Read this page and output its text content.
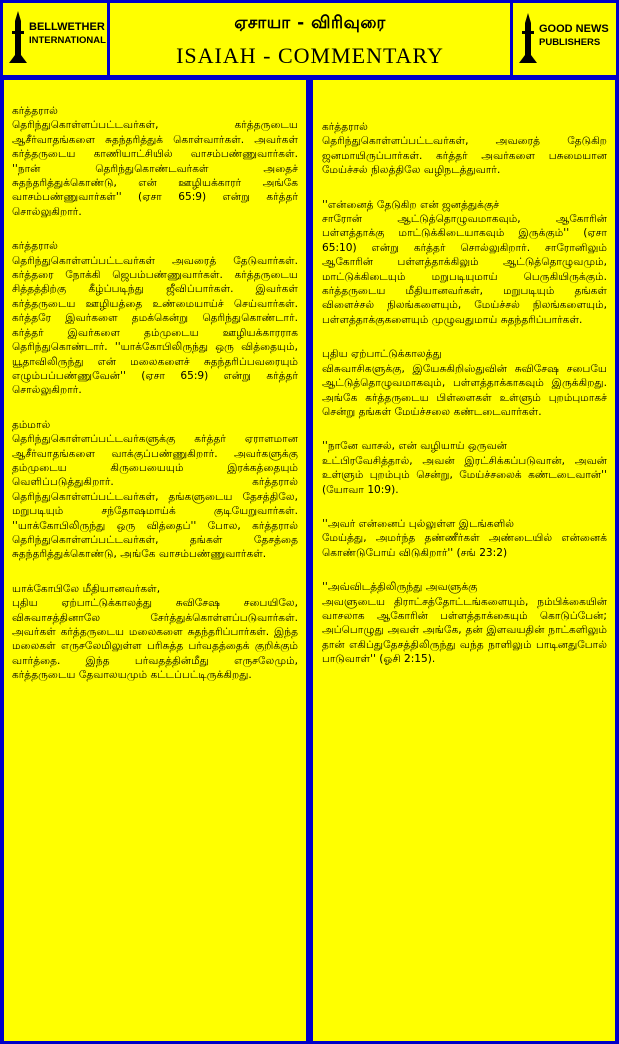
BELLWETHER
INTERNATIONAL
ஏசாயா - விரிவுரை
ISAIAH - COMMENTARY
GOOD NEWS
PUBLISHERS

கர்த்தரால்
தெரிந்துகொள்ளப்பட்டவர்கள், கர்த்தருடைய ஆசீர்வாதங்களை சுதந்தரித்துக் கொள்வார்கள். அவர்கள் கர்த்தருடைய காணியாட்சியில் வாசம்பண்ணுவார்கள். ''நான் தெரிந்துகொண்டவர்கள் அதைச் சுதந்தரித்துக்கொண்டு, என் ஊழியக்காரர் அங்கே வாசம்பண்ணுவார்கள்'' (ஏசா 65:9) என்று கர்த்தர் சொல்லுகிறார்.

கர்த்தரால்
தெரிந்துகொள்ளப்பட்டவர்கள் அவரைத் தேடுவார்கள். கர்த்தரை நோக்கி ஜெபம்பண்ணுவார்கள். கர்த்தருடைய சித்தத்திற்கு கீழ்ப்படிந்து ஜீவிப்பார்கள். இவர்கள் கர்த்தருடைய ஊழியத்தை உண்மையாய்ச் செய்வார்கள். கர்த்தரே இவர்களை தமக்கென்று தெரிந்துகொண்டார். கர்த்தர் இவர்களை தம்முடைய ஊழியக்காரராக தெரிந்துகொண்டார். ''யாக்கோபிலிருந்து ஒரு வித்தையும், யூதாவிலிருந்து என் மலைகளைச் சுதந்தரிப்பவரையும் எழும்பப்பண்ணுவேன்'' (ஏசா 65:9) என்று கர்த்தர் சொல்லுகிறார்.

தம்மால்
தெரிந்துகொள்ளப்பட்டவர்களுக்கு கர்த்தர் ஏராளமான ஆசீர்வாதங்களை வாக்குப்பண்ணுகிறார். அவர்களுக்கு தம்முடைய கிருபையையும் இரக்கத்தையும் வெளிப்படுத்துகிறார். கர்த்தரால் தெரிந்துகொள்ளப்பட்டவர்கள், தங்களுடைய தேசத்திலே, மறுபடியும் சந்தோஷமாய்க் குடியேறுவார்கள். ''யாக்கோபிலிருந்து ஒரு வித்தைப்'' போல, கர்த்தரால் தெரிந்துகொள்ளப்பட்டவர்கள், தங்கள் தேசத்தை சுதந்தரித்துக்கொண்டு, அங்கே வாசம்பண்ணுவார்கள்.

யாக்கோபிலே மீதியானவர்கள்,
புதிய ஏற்பாட்டுக்காலத்து சுவிசேஷ சபையிலே, விசுவாசத்தினாலே சேர்த்துக்கொள்ளப்படுவார்கள். அவர்கள் கர்த்தருடைய மலைகளை சுதந்தரிப்பார்கள். இந்த மலைகள் எருசலேமிலுள்ள பரிசுத்த பர்வதத்தைக் குறிக்கும் வார்த்தை. இந்த பர்வதத்தின்மீது எருசலேமும், கர்த்தருடைய தேவாலயமும் கட்டப்பட்டிருக்கிறது.

கர்த்தரால்
தெரிந்துகொள்ளப்பட்டவர்கள், அவரைத் தேடுகிற ஜனமாயிருப்பார்கள். கர்த்தர் அவர்களை பசுமையான மேய்ச்சல் நிலத்திலே வழிநடத்துவார்.

''என்னைத் தேடுகிற என் ஜனத்துக்குச்
சாரோன் ஆட்டுத்தொழுவமாகவும், ஆகோரின் பள்ளத்தாக்கு மாட்டுக்கிடையாகவும் இருக்கும்'' (ஏசா 65:10) என்று கர்த்தர் சொல்லுகிறார். சாரோனிலும் ஆகோரின் பள்ளத்தாக்கிலும் ஆட்டுத்தொழுவமும், மாட்டுக்கிடையும் மறுபடியுமாய் பெருகியிருக்கும். கர்த்தருடைய மீதியானவர்கள், மறுபடியும் தங்கள் விளைச்சல் நிலங்களையும், மேய்ச்சல் நிலங்களையும், பள்ளத்தாக்குகளையும் முழுவதுமாய் சுதந்தரிப்பார்கள்.

புதிய ஏற்பாட்டுக்காலத்து
விசுவாசிகளுக்கு, இயேசுகிறிஸ்துவின் சுவிசேஷ சபையே ஆட்டுத்தொழுவமாகவும், பள்ளத்தாக்காகவும் இருக்கிறது. அங்கே கர்த்தருடைய பிள்ளைகள் உள்ளும் புறம்புமாகச் சென்று தங்கள் மேய்ச்சலை கண்டடைவார்கள்.

''நானே வாசல், என் வழியாய் ஒருவன்
உட்பிரவேசித்தால், அவன் இரட்சிக்கப்படுவான், அவன் உள்ளும் புறம்பும் சென்று, மேய்ச்சலைக் கண்டடைவான்'' (யோவா 10:9).

''அவர் என்னைப் புல்லுள்ள இடங்களில்
மேய்த்து, அமர்ந்த தண்ணீர்கள் அண்டையில் என்னைக் கொண்டுபோய் விடுகிறார்'' (சங் 23:2)

''அவ்விடத்திலிருந்து அவளுக்கு
அவளுடைய திராட்சத்தோட்டங்களையும், நம்பிக்கையின் வாசலாக ஆகோரின் பள்ளத்தாக்கையும் கொடுப்பேன்; அப்பொழுது அவள் அங்கே, தன் இளவயதின் நாட்களிலும் தான் எகிப்துதேசத்திலிருந்து வந்த நாளிலும் பாடினதுபோல் பாடுவாள்'' (ஓசி 2:15).
